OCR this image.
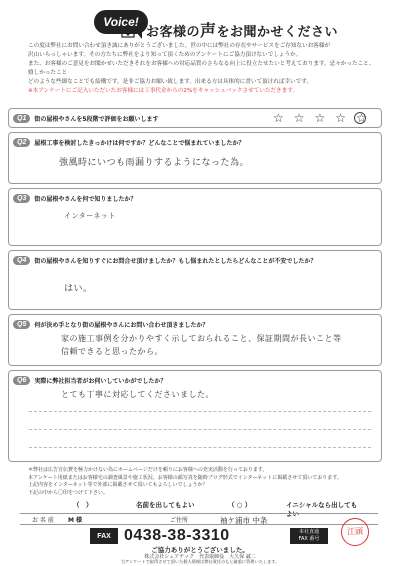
Voice!
お客様の声をお聞かせください
この度は弊社にお問い合わせ頂き誠にありがとうございました。世の中には弊社の存在やサービスをご存知ないお客様が
沢山いらっしゃいます。その方たちに弊社をより知って頂くためのアンケートにご協力頂けないでしょうか。
また、お客様のご意見をお聞かせいただきそれをお客様への対応品質のさらなる向上に役立たせたいと考えております。忌々かったこと、嬉しかったこと
どのような些細なことでも結構です。是非ご協力お願い致します。出来る方は具体的に書いて頂ければ幸いです。
※本アンケートにご記入いただいたお客様には工事代金からの2%をキャッシュバックさせていただきます。
Q1	街の屋根やさんを5段階で評価をお願いします	☆ ☆ ☆ ☆ ☆
Q2	屋根工事を検討したきっかけは何ですか？どんなことで悩まれていましたか？
強風時にいつも雨漏りするようになった為。
Q3	街の屋根やさんを何で知りましたか？
インターネット
Q4	街の屋根やさんを知りすぐにお問合せ頂けましたか？もし悩まれたとしたらどんなことが不安でしたか？
はい。
Q5	何が決め手となり街の屋根やさんにお問い合わせ頂きましたか？
家の施工事例を分かりやすく示しておられること、保証期間が長いこと等
信頼できると思ったから。
Q6	実際に弊社担当者がお伺いしていかがでしたか？
とても丁寧に対応してくださいました。
＊弊社は広告宣伝費を極力かけない為にホームページだけを頼りにお客様への充実活動を行っております。
本アンケート用紙またはお客様宅の調査風景や施工状況、お客様の顔写真を随時ブログ形式でインターネットに掲載させて頂いております。
上記内容をインターネット等で外部に掲載させて頂いてもよろしいでしょうか？
下記の中から〇印をつけて下さい。
（　）	名前を出してもよい	（ ○ ）	イニシャルなら出してもよい
お 名 前 M 様	ご住所	袖ケ浦市 中条
FAX 0438-38-3310	本社直通
FAX 番号
江頭
ご協力ありがとうございました。
株式会社シェアテック　代表取締役　大久保 誠二
当アンケートで取得させて頂いた個人情報は弊社責任のもと厳重に管理いたします。
